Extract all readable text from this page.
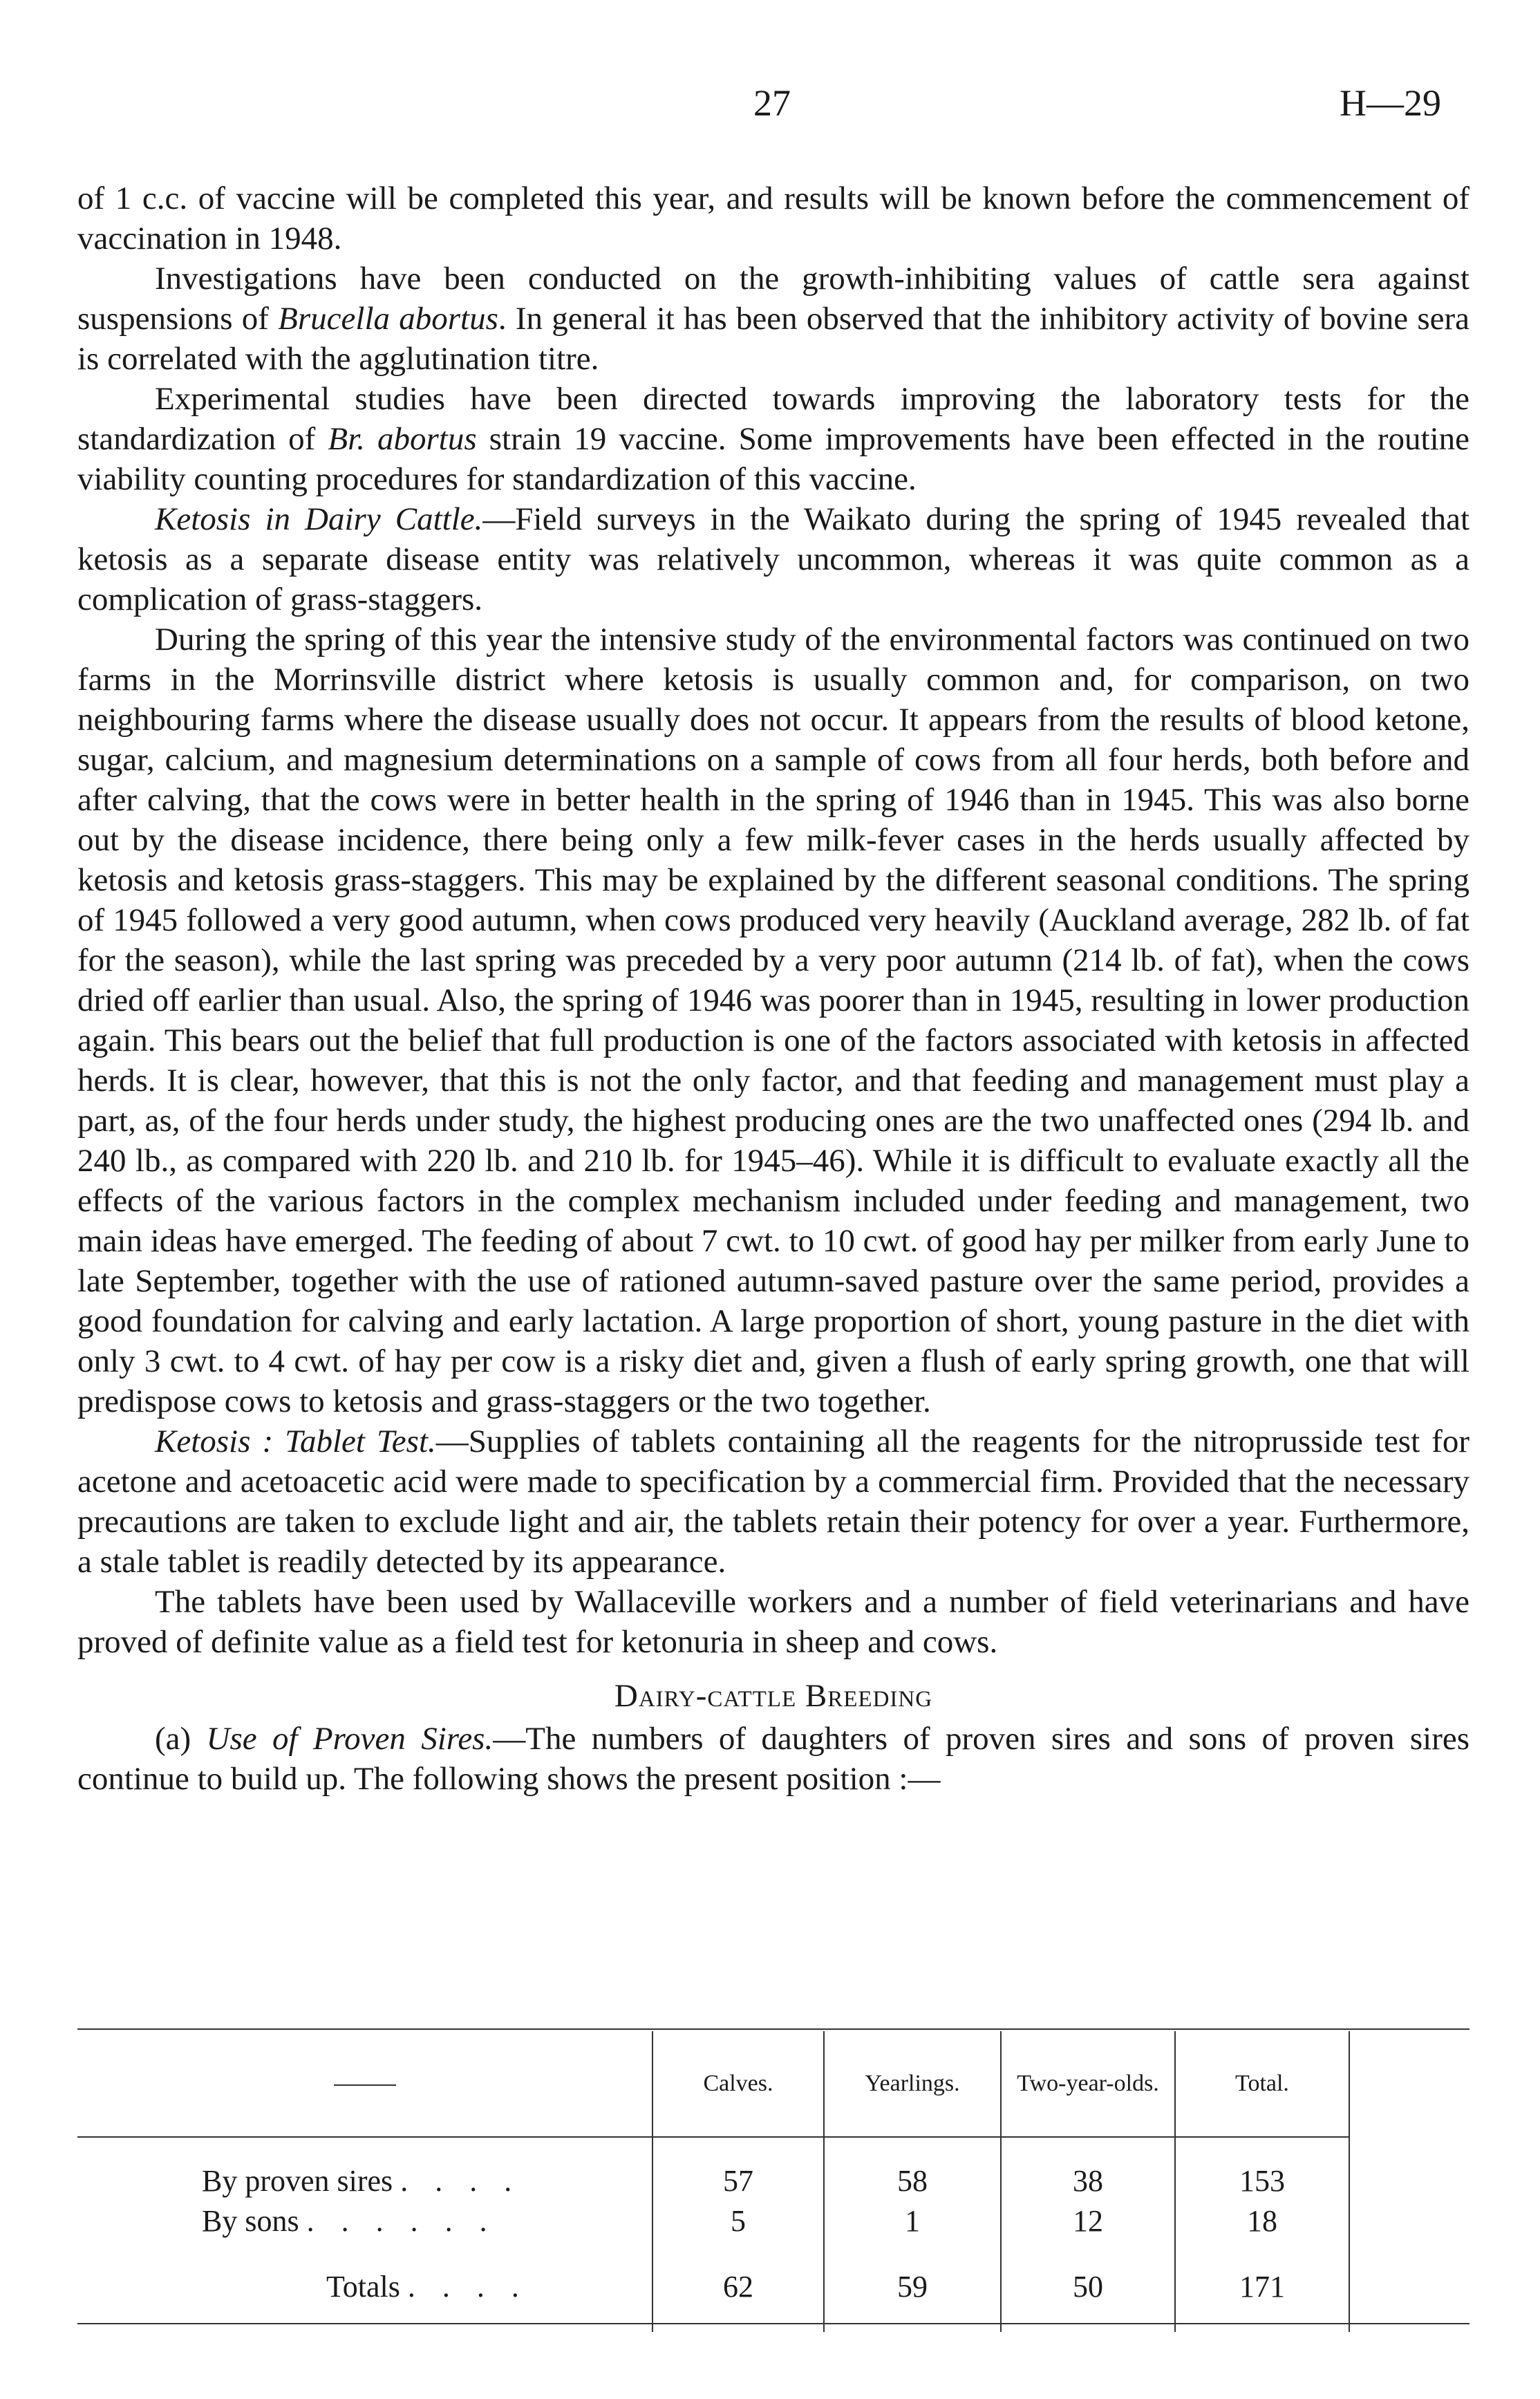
27	H—29

of 1 c.c. of vaccine will be completed this year, and results will be known before the commencement of vaccination in 1948.

Investigations have been conducted on the growth-inhibiting values of cattle sera against suspensions of Brucella abortus. In general it has been observed that the inhibitory activity of bovine sera is correlated with the agglutination titre.

Experimental studies have been directed towards improving the laboratory tests for the standardization of Br. abortus strain 19 vaccine. Some improvements have been effected in the routine viability counting procedures for standardization of this vaccine.

Ketosis in Dairy Cattle.—Field surveys in the Waikato during the spring of 1945 revealed that ketosis as a separate disease entity was relatively uncommon, whereas it was quite common as a complication of grass-staggers.

During the spring of this year the intensive study of the environmental factors was continued on two farms in the Morrinsville district where ketosis is usually common and, for comparison, on two neighbouring farms where the disease usually does not occur. It appears from the results of blood ketone, sugar, calcium, and magnesium determinations on a sample of cows from all four herds, both before and after calving, that the cows were in better health in the spring of 1946 than in 1945. This was also borne out by the disease incidence, there being only a few milk-fever cases in the herds usually affected by ketosis and ketosis grass-staggers. This may be explained by the different seasonal conditions. The spring of 1945 followed a very good autumn, when cows produced very heavily (Auckland average, 282 lb. of fat for the season), while the last spring was preceded by a very poor autumn (214 lb. of fat), when the cows dried off earlier than usual. Also, the spring of 1946 was poorer than in 1945, resulting in lower production again. This bears out the belief that full production is one of the factors associated with ketosis in affected herds. It is clear, however, that this is not the only factor, and that feeding and management must play a part, as, of the four herds under study, the highest producing ones are the two unaffected ones (294 lb. and 240 lb., as compared with 220 lb. and 210 lb. for 1945–46). While it is difficult to evaluate exactly all the effects of the various factors in the complex mechanism included under feeding and management, two main ideas have emerged. The feeding of about 7 cwt. to 10 cwt. of good hay per milker from early June to late September, together with the use of rationed autumn-saved pasture over the same period, provides a good foundation for calving and early lactation. A large proportion of short, young pasture in the diet with only 3 cwt. to 4 cwt. of hay per cow is a risky diet and, given a flush of early spring growth, one that will predispose cows to ketosis and grass-staggers or the two together.

Ketosis : Tablet Test.—Supplies of tablets containing all the reagents for the nitroprusside test for acetone and acetoacetic acid were made to specification by a commercial firm. Provided that the necessary precautions are taken to exclude light and air, the tablets retain their potency for over a year. Furthermore, a stale tablet is readily detected by its appearance.

The tablets have been used by Wallaceville workers and a number of field veterinarians and have proved of definite value as a field test for ketonuria in sheep and cows.

Dairy-cattle Breeding

(a) Use of Proven Sires.—The numbers of daughters of proven sires and sons of proven sires continue to build up. The following shows the present position :—

	Calves.	Yearlings.	Two-year-olds.	Total.	
By proven sires . . . .	57	58	38	153	
By sons . . . . . .	5	1	12	18	
Totals . . . .	62	59	50	171	
